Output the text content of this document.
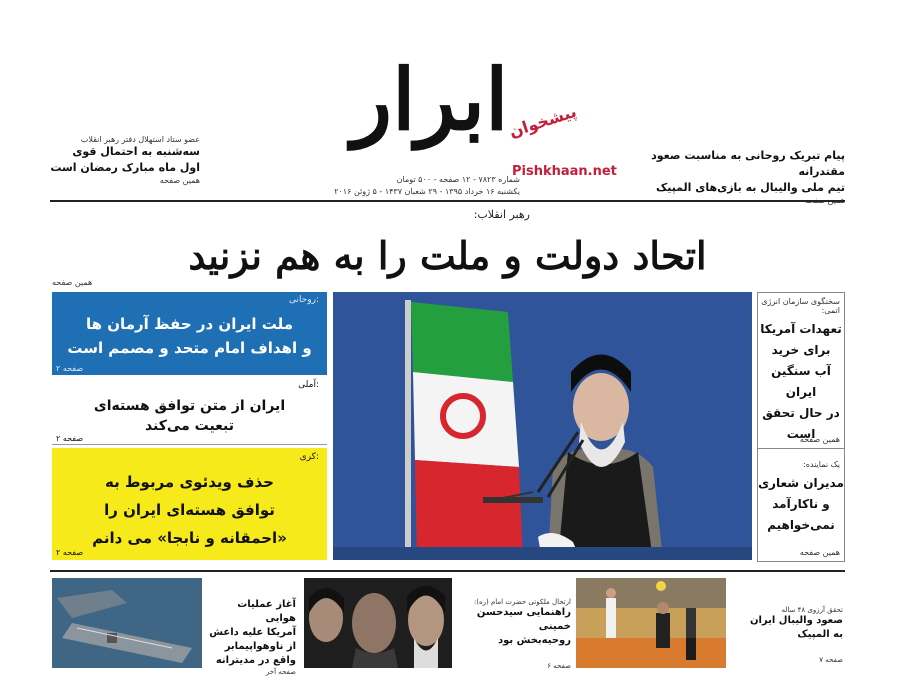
ابرار
پیشخوان
Pishkhaan.net
شماره ۷۸۲۳ - ۱۲ صفحه - ۵۰۰ تومان
یکشنبه ۱۶ خرداد ۱۳۹۵ - ۲۹ شعبان ۱۴۳۷ - ۵ ژوئن ۲۰۱۶
پیام تبریک روحانی به مناسبت صعود مقتدرانه
تیم ملی والیبال به بازی‌های المپیک
عضو ستاد استهلال دفتر رهبر انقلاب
سه‌شنبه به احتمال قوی
اول ماه مبارک رمضان است
همین صفحه
رهبر انقلاب:
اتحاد دولت و ملت را به هم نزنید
همین صفحه
روحانی:
ملت ایران در حفظ آرمان ها
و اهداف امام متحد و مصمم است
صفحه ۲
آملی:
ایران از متن توافق هسته‌ای
تبعیت می‌کند
صفحه ۲
کری:
حذف ویدئوی مربوط به
توافق هسته‌ای ایران را
«احمقانه و نابجا» می دانم
صفحه ۲
سخنگوی سازمان انرژی اتمی:
تعهدات آمریکا
برای خرید
آب سنگین ایران
در حال تحقق
است
همین صفحه
یک نماینده:
مدیران شعاری
و ناکارآمد
نمی‌خواهیم
همین صفحه
آغاز عملیات هوایی
آمریکا علیه داعش
از ناوهواپیمابر
واقع در مدیترانه
صفحه آخر
ارتحال ملکوتی حضرت امام (ره):
راهنمایی سیدحسن خمینی
روحیه‌بخش بود
صفحه ۶
تحقق آرزوی ۴۸ ساله
صعود والیبال ایران
به المپیک
صفحه ۷
